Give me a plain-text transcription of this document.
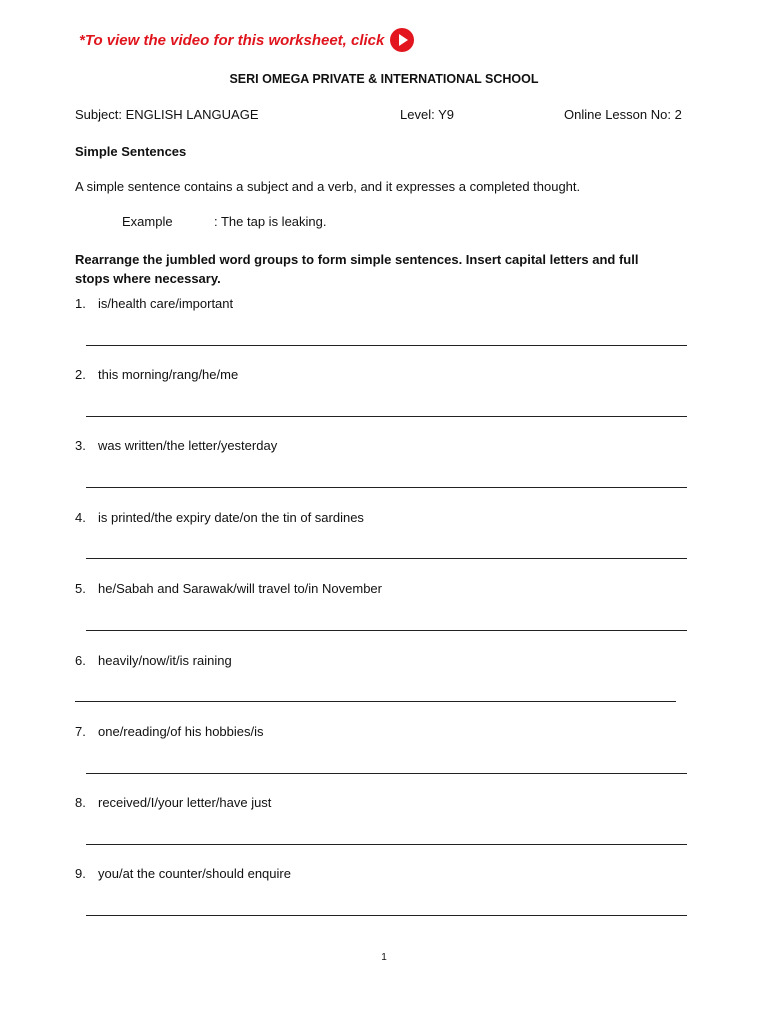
*To view the video for this worksheet, click
SERI OMEGA PRIVATE & INTERNATIONAL SCHOOL
Subject: ENGLISH LANGUAGE	Level: Y9	Online Lesson No: 2
Simple Sentences
A simple sentence contains a subject and a verb, and it expresses a completed thought.
Example	: The tap is leaking.
Rearrange the jumbled word groups to form simple sentences. Insert capital letters and full stops where necessary.
1. is/health care/important
2. this morning/rang/he/me
3. was written/the letter/yesterday
4. is printed/the expiry date/on the tin of sardines
5. he/Sabah and Sarawak/will travel to/in November
6. heavily/now/it/is raining
7. one/reading/of his hobbies/is
8. received/I/your letter/have just
9. you/at the counter/should enquire
1
